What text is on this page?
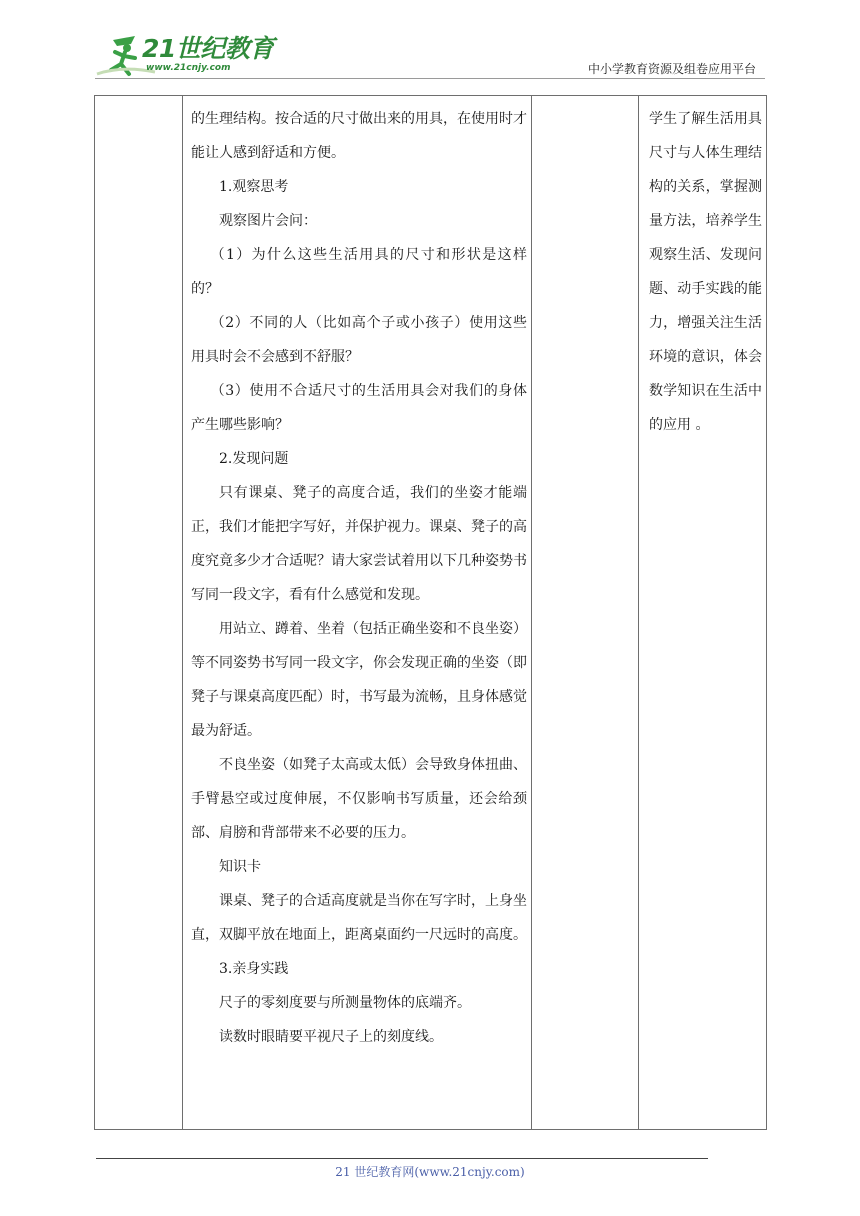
21世纪教育
www.21cnjy.com	中小学教育资源及组卷应用平台

的生理结构。按合适的尺寸做出来的用具，在使用时才能让人感到舒适和方便。

1.观察思考

观察图片会问：

（1）为什么这些生活用具的尺寸和形状是这样的？

（2）不同的人（比如高个子或小孩子）使用这些用具时会不会感到不舒服？

（3）使用不合适尺寸的生活用具会对我们的身体产生哪些影响？

2.发现问题

只有课桌、凳子的高度合适，我们的坐姿才能端正，我们才能把字写好，并保护视力。课桌、凳子的高度究竟多少才合适呢？请大家尝试着用以下几种姿势书写同一段文字，看有什么感觉和发现。

用站立、蹲着、坐着（包括正确坐姿和不良坐姿）等不同姿势书写同一段文字，你会发现正确的坐姿（即凳子与课桌高度匹配）时，书写最为流畅，且身体感觉最为舒适。

不良坐姿（如凳子太高或太低）会导致身体扭曲、手臂悬空或过度伸展，不仅影响书写质量，还会给颈部、肩膀和背部带来不必要的压力。

知识卡

课桌、凳子的合适高度就是当你在写字时，上身坐直，双脚平放在地面上，距离桌面约一尺远时的高度。

3.亲身实践

尺子的零刻度要与所测量物体的底端齐。

读数时眼睛要平视尺子上的刻度线。

学生了解生活用具尺寸与人体生理结构的关系，掌握测量方法，培养学生观察生活、发现问题、动手实践的能力，增强关注生活环境的意识，体会数学知识在生活中的应用 。
21 世纪教育网(www.21cnjy.com)
